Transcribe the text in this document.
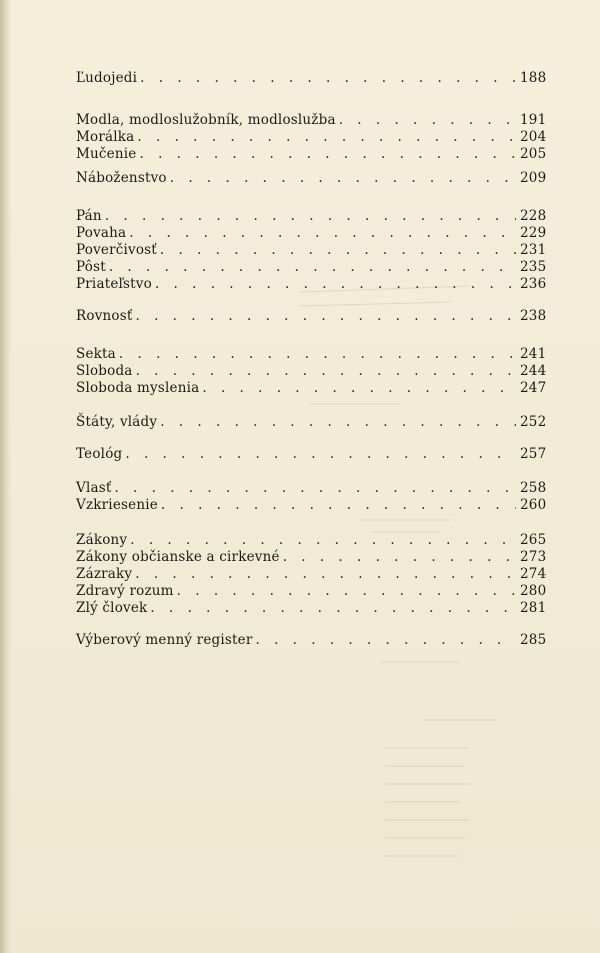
Ľudojedi . . .	188
Modla, modloslužobník, modloslužba . . .	191
Morálka . . .	204
Mučenie . . .	205
Náboženstvo . . .	209
Pán . . .	228
Povaha . . .	229
Poverčivosť . . .	231
Pôst . . .	235
Priateľstvo . . .	236
Rovnosť . . .	238
Sekta . . .	241
Sloboda . . .	244
Sloboda myslenia . . .	247
Štáty, vlády . . .	252
Teológ . . .	257
Vlasť . . .	258
Vzkriesenie . . .	260
Zákony . . .	265
Zákony občianske a cirkevné . . .	273
Zázraky . . .	274
Zdravý rozum . . .	280
Zlý človek . . .	281
Výberový menný register . . .	285
